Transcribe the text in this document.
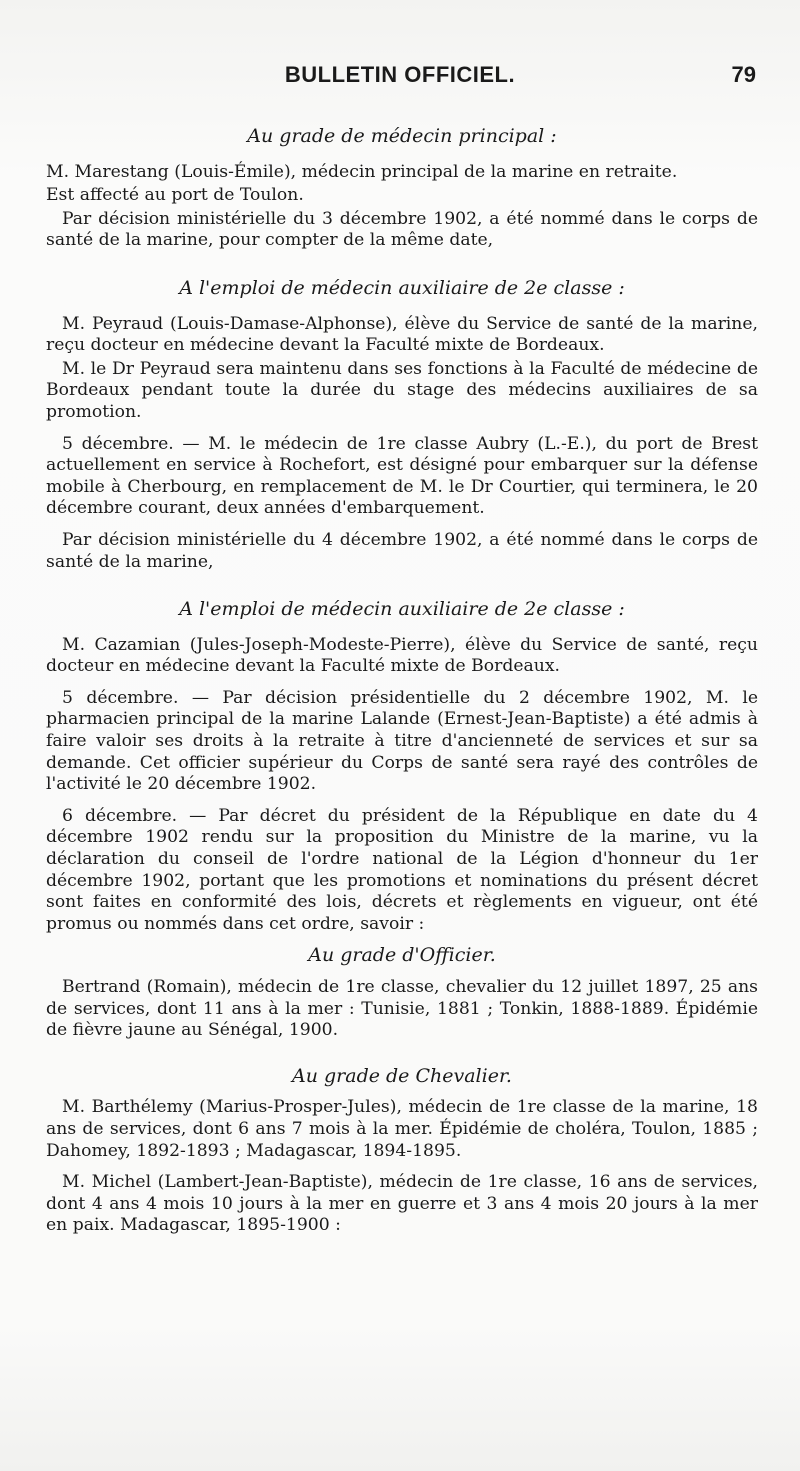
BULLETIN OFFICIEL.	79
Au grade de médecin principal :

M. Marestang (Louis-Émile), médecin principal de la marine en retraite.

Est affecté au port de Toulon.

Par décision ministérielle du 3 décembre 1902, a été nommé dans le corps de santé de la marine, pour compter de la même date,

A l'emploi de médecin auxiliaire de 2e classe :

M. Peyraud (Louis-Damase-Alphonse), élève du Service de santé de la marine, reçu docteur en médecine devant la Faculté mixte de Bordeaux.

M. le Dr Peyraud sera maintenu dans ses fonctions à la Faculté de médecine de Bordeaux pendant toute la durée du stage des médecins auxiliaires de sa promotion.

5 décembre. — M. le médecin de 1re classe Aubry (L.-E.), du port de Brest actuellement en service à Rochefort, est désigné pour embarquer sur la défense mobile à Cherbourg, en remplacement de M. le Dr Courtier, qui terminera, le 20 décembre courant, deux années d'embarquement.

Par décision ministérielle du 4 décembre 1902, a été nommé dans le corps de santé de la marine,

A l'emploi de médecin auxiliaire de 2e classe :

M. Cazamian (Jules-Joseph-Modeste-Pierre), élève du Service de santé, reçu docteur en médecine devant la Faculté mixte de Bordeaux.

5 décembre. — Par décision présidentielle du 2 décembre 1902, M. le pharmacien principal de la marine Lalande (Ernest-Jean-Baptiste) a été admis à faire valoir ses droits à la retraite à titre d'ancienneté de services et sur sa demande. Cet officier supérieur du Corps de santé sera rayé des contrôles de l'activité le 20 décembre 1902.

6 décembre. — Par décret du président de la République en date du 4 décembre 1902 rendu sur la proposition du Ministre de la marine, vu la déclaration du conseil de l'ordre national de la Légion d'honneur du 1er décembre 1902, portant que les promotions et nominations du présent décret sont faites en conformité des lois, décrets et règlements en vigueur, ont été promus ou nommés dans cet ordre, savoir :

Au grade d'Officier.

Bertrand (Romain), médecin de 1re classe, chevalier du 12 juillet 1897, 25 ans de services, dont 11 ans à la mer : Tunisie, 1881 ; Tonkin, 1888-1889. Épidémie de fièvre jaune au Sénégal, 1900.

Au grade de Chevalier.

M. Barthélemy (Marius-Prosper-Jules), médecin de 1re classe de la marine, 18 ans de services, dont 6 ans 7 mois à la mer. Épidémie de choléra, Toulon, 1885 ; Dahomey, 1892-1893 ; Madagascar, 1894-1895.

M. Michel (Lambert-Jean-Baptiste), médecin de 1re classe, 16 ans de services, dont 4 ans 4 mois 10 jours à la mer en guerre et 3 ans 4 mois 20 jours à la mer en paix. Madagascar, 1895-1900 :
